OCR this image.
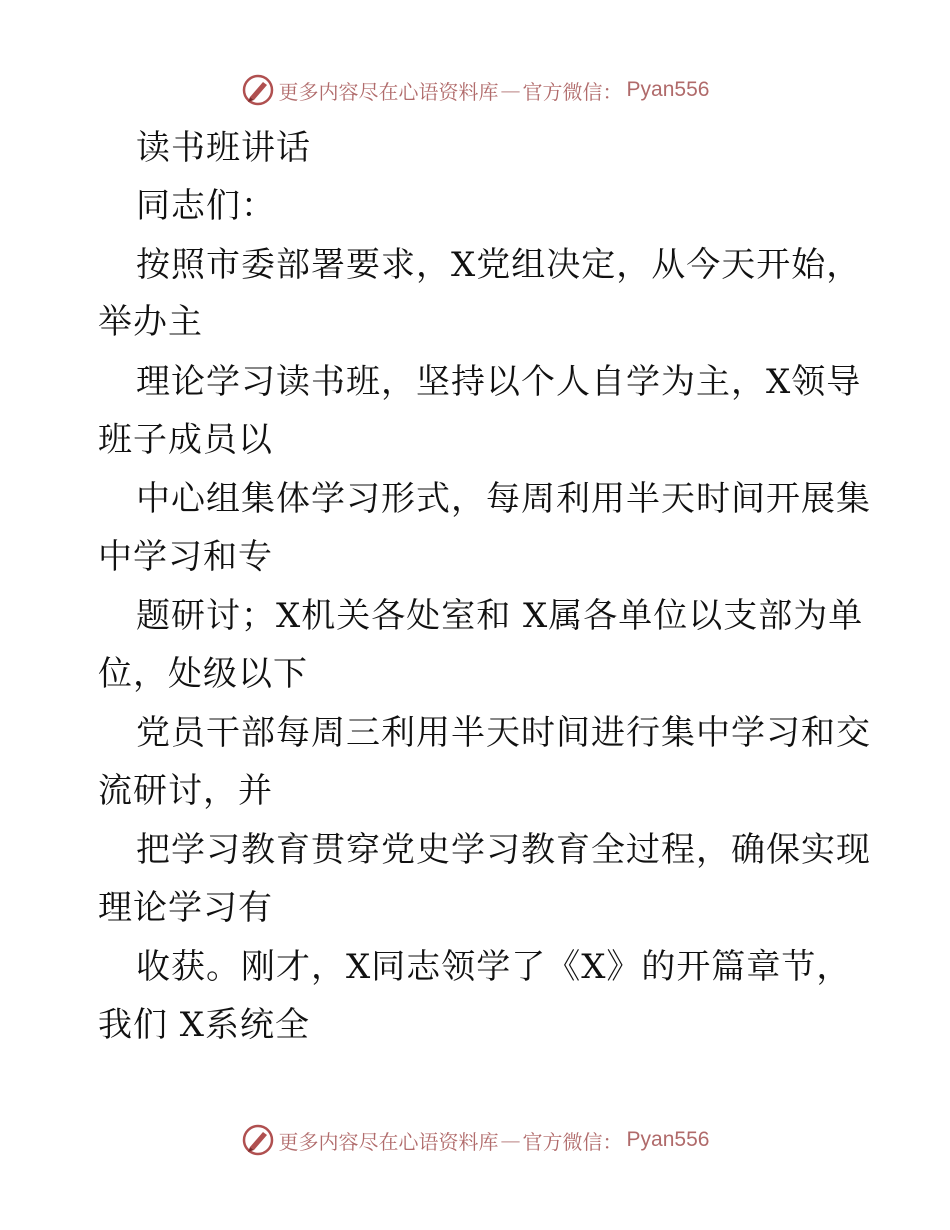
更多内容尽在心语资料库 — 官方微信： Pyan556
读书班讲话
同志们：
按照市委部署要求，X党组决定，从今天开始，
举办主
理论学习读书班，坚持以个人自学为主，X领导
班子成员以
中心组集体学习形式，每周利用半天时间开展集
中学习和专
题研讨；X机关各处室和 X属各单位以支部为单
位，处级以下
党员干部每周三利用半天时间进行集中学习和交
流研讨，并
把学习教育贯穿党史学习教育全过程，确保实现
理论学习有
收获。刚才，X同志领学了《X》的开篇章节，
我们 X系统全
更多内容尽在心语资料库 — 官方微信： Pyan556
